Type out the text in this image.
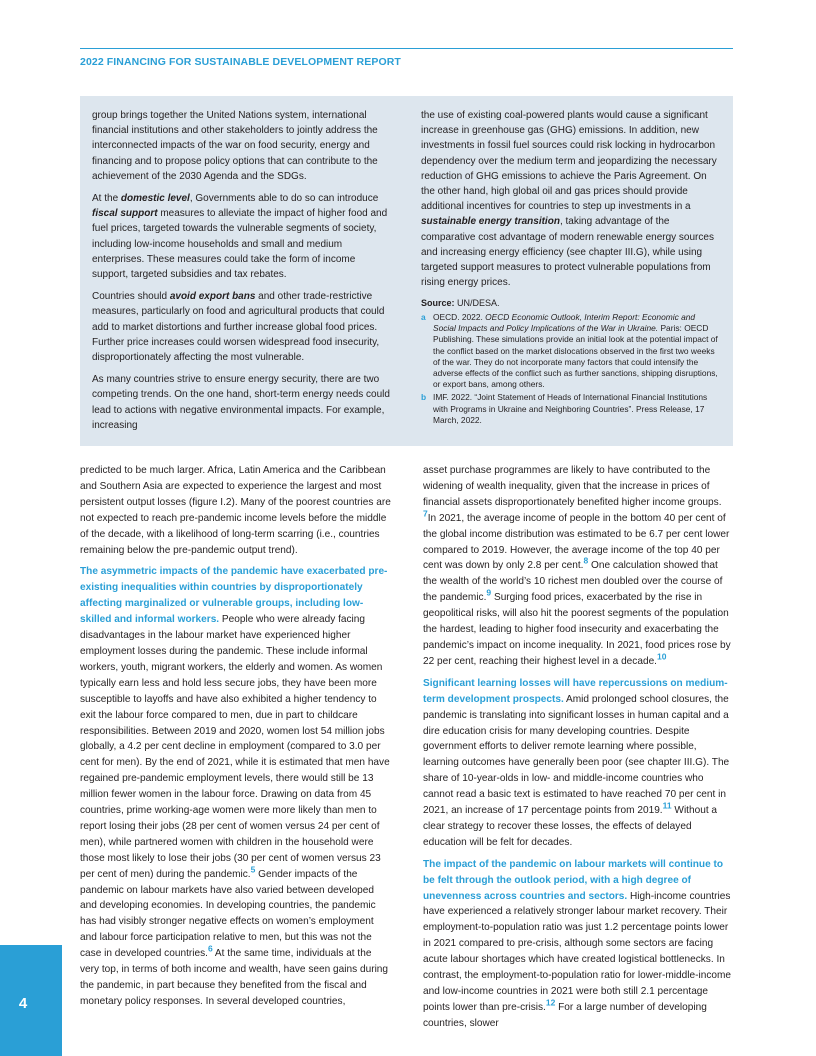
2022 FINANCING FOR SUSTAINABLE DEVELOPMENT REPORT

group brings together the United Nations system, international financial institutions and other stakeholders to jointly address the interconnected impacts of the war on food security, energy and financing and to propose policy options that can contribute to the achievement of the 2030 Agenda and the SDGs.

At the domestic level, Governments able to do so can introduce fiscal support measures to alleviate the impact of higher food and fuel prices, targeted towards the vulnerable segments of society, including low-income households and small and medium enterprises. These measures could take the form of income support, targeted subsidies and tax rebates.

Countries should avoid export bans and other trade-restrictive measures, particularly on food and agricultural products that could add to market distortions and further increase global food prices. Further price increases could worsen widespread food insecurity, disproportionately affecting the most vulnerable.

As many countries strive to ensure energy security, there are two competing trends. On the one hand, short-term energy needs could lead to actions with negative environmental impacts. For example, increasing

the use of existing coal-powered plants would cause a significant increase in greenhouse gas (GHG) emissions. In addition, new investments in fossil fuel sources could risk locking in hydrocarbon dependency over the medium term and jeopardizing the necessary reduction of GHG emissions to achieve the Paris Agreement. On the other hand, high global oil and gas prices should provide additional incentives for countries to step up investments in a sustainable energy transition, taking advantage of the comparative cost advantage of modern renewable energy sources and increasing energy efficiency (see chapter III.G), while using targeted support measures to protect vulnerable populations from rising energy prices.

Source: UN/DESA.
a OECD. 2022. OECD Economic Outlook, Interim Report: Economic and Social Impacts and Policy Implications of the War in Ukraine. Paris: OECD Publishing. These simulations provide an initial look at the potential impact of the conflict based on the market dislocations observed in the first two weeks of the war. They do not incorporate many factors that could intensify the adverse effects of the conflict such as further sanctions, shipping disruptions, or export bans, among others.
b IMF. 2022. “Joint Statement of Heads of International Financial Institutions with Programs in Ukraine and Neighboring Countries”. Press Release, 17 March, 2022.

predicted to be much larger. Africa, Latin America and the Caribbean and Southern Asia are expected to experience the largest and most persistent output losses (figure I.2). Many of the poorest countries are not expected to reach pre-pandemic income levels before the middle of the decade, with a likelihood of long-term scarring (i.e., countries remaining below the pre-pandemic output trend).

The asymmetric impacts of the pandemic have exacerbated pre-existing inequalities within countries by disproportionately affecting marginalized or vulnerable groups, including low-skilled and informal workers. People who were already facing disadvantages in the labour market have experienced higher employment losses during the pandemic. These include informal workers, youth, migrant workers, the elderly and women. As women typically earn less and hold less secure jobs, they have been more susceptible to layoffs and have also exhibited a higher tendency to exit the labour force compared to men, due in part to childcare responsibilities. Between 2019 and 2020, women lost 54 million jobs globally, a 4.2 per cent decline in employment (compared to 3.0 per cent for men). By the end of 2021, while it is estimated that men have regained pre-pandemic employment levels, there would still be 13 million fewer women in the labour force. Drawing on data from 45 countries, prime working-age women were more likely than men to report losing their jobs (28 per cent of women versus 24 per cent of men), while partnered women with children in the household were those most likely to lose their jobs (30 per cent of women versus 23 per cent of men) during the pandemic.$^5$ Gender impacts of the pandemic on labour markets have also varied between developed and developing economies. In developing countries, the pandemic has had visibly stronger negative effects on women’s employment and labour force participation relative to men, but this was not the case in developed countries.$^6$ At the same time, individuals at the very top, in terms of both income and wealth, have seen gains during the pandemic, in part because they benefited from the fiscal and monetary policy responses. In several developed countries,

asset purchase programmes are likely to have contributed to the widening of wealth inequality, given that the increase in prices of financial assets disproportionately benefited higher income groups. $^7$In 2021, the average income of people in the bottom 40 per cent of the global income distribution was estimated to be 6.7 per cent lower compared to 2019. However, the average income of the top 40 per cent was down by only 2.8 per cent.$^8$ One calculation showed that the wealth of the world’s 10 richest men doubled over the course of the pandemic.$^9$ Surging food prices, exacerbated by the rise in geopolitical risks, will also hit the poorest segments of the population the hardest, leading to higher food insecurity and exacerbating the pandemic’s impact on income inequality. In 2021, food prices rose by 22 per cent, reaching their highest level in a decade.$^{10}$

Significant learning losses will have repercussions on medium-term development prospects. Amid prolonged school closures, the pandemic is translating into significant losses in human capital and a dire education crisis for many developing countries. Despite government efforts to deliver remote learning where possible, learning outcomes have generally been poor (see chapter III.G). The share of 10-year-olds in low- and middle-income countries who cannot read a basic text is estimated to have reached 70 per cent in 2021, an increase of 17 percentage points from 2019.11 Without a clear strategy to recover these losses, the effects of delayed education will be felt for decades.

The impact of the pandemic on labour markets will continue to be felt through the outlook period, with a high degree of unevenness across countries and sectors. High-income countries have experienced a relatively stronger labour market recovery. Their employment-to-population ratio was just 1.2 percentage points lower in 2021 compared to pre-crisis, although some sectors are facing acute labour shortages which have created logistical bottlenecks. In contrast, the employment-to-population ratio for lower-middle-income and low-income countries in 2021 were both still 2.1 percentage points lower than pre-crisis.$^{12}$ For a large number of developing countries, slower

4
